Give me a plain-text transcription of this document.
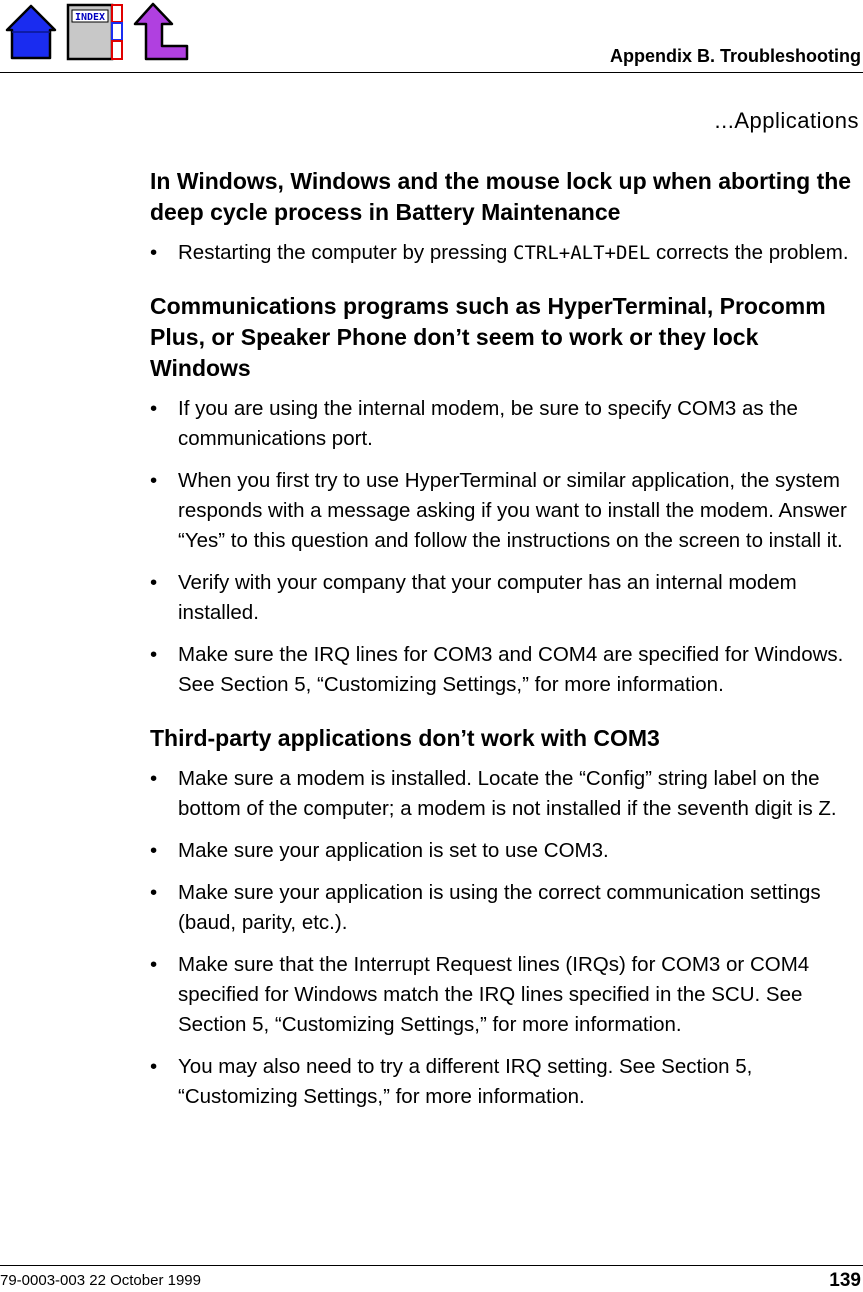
INDEX
Appendix B. Troubleshooting
...Applications
In Windows, Windows and the mouse lock up when aborting the deep cycle process in Battery Maintenance
• Restarting the computer by pressing CTRL+ALT+DEL corrects the problem.
Communications programs such as HyperTerminal, Procomm Plus, or Speaker Phone don’t seem to work or they lock Windows
• If you are using the internal modem, be sure to specify COM3 as the communications port.
• When you first try to use HyperTerminal or similar application, the system responds with a message asking if you want to install the modem. Answer “Yes” to this question and follow the instructions on the screen to install it.
• Verify with your company that your computer has an internal modem installed.
• Make sure the IRQ lines for COM3 and COM4 are specified for Windows. See Section 5, “Customizing Settings,” for more information.
Third-party applications don’t work with COM3
• Make sure a modem is installed. Locate the “Config” string label on the bottom of the computer; a modem is not installed if the seventh digit is Z.
• Make sure your application is set to use COM3.
• Make sure your application is using the correct communication settings (baud, parity, etc.).
• Make sure that the Interrupt Request lines (IRQs) for COM3 or COM4 specified for Windows match the IRQ lines specified in the SCU. See Section 5, “Customizing Settings,” for more information.
• You may also need to try a different IRQ setting. See Section 5, “Customizing Settings,” for more information.
79-0003-003 22 October 1999	139
